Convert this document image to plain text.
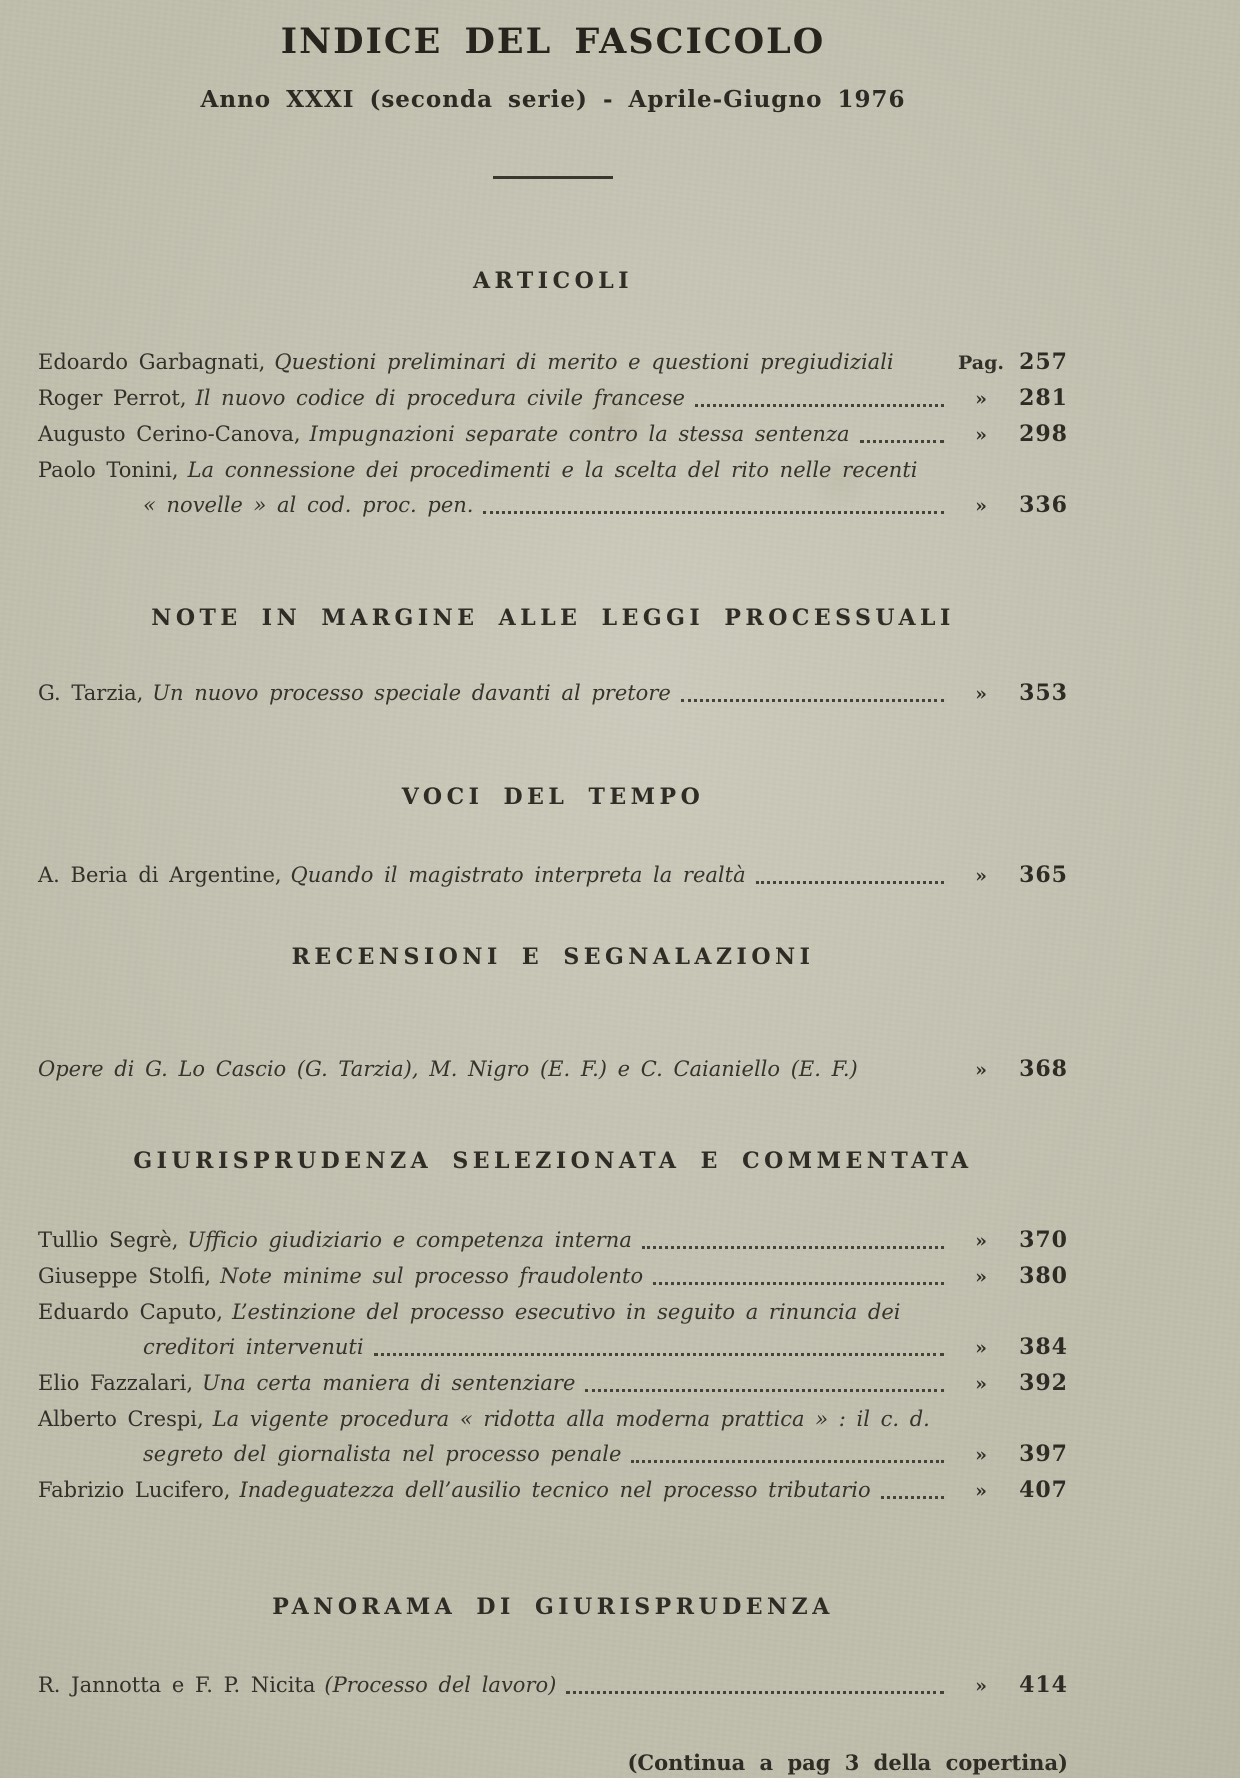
INDICE DEL FASCICOLO
Anno XXXI (seconda serie) - Aprile-Giugno 1976
ARTICOLI
Edoardo Garbagnati, Questioni preliminari di merito e questioni pregiudiziali	Pag. 257
Roger Perrot, Il nuovo codice di procedura civile francese	»	281
Augusto Cerino-Canova, Impugnazioni separate contro la stessa sentenza	»	298
Paolo Tonini, La connessione dei procedimenti e la scelta del rito nelle recenti
« novelle » al cod. proc. pen.	»	336
NOTE IN MARGINE ALLE LEGGI PROCESSUALI
G. Tarzia, Un nuovo processo speciale davanti al pretore	»	353
VOCI DEL TEMPO
A. Beria di Argentine, Quando il magistrato interpreta la realtà	»	365
RECENSIONI E SEGNALAZIONI
Opere di G. Lo Cascio (G. Tarzia), M. Nigro (E. F.) e C. Caianiello (E. F.)	»	368
GIURISPRUDENZA SELEZIONATA E COMMENTATA
Tullio Segrè, Ufficio giudiziario e competenza interna	»	370
Giuseppe Stolfi, Note minime sul processo fraudolento	»	380
Eduardo Caputo, L’estinzione del processo esecutivo in seguito a rinuncia dei
creditori intervenuti	»	384
Elio Fazzalari, Una certa maniera di sentenziare	»	392
Alberto Crespi, La vigente procedura « ridotta alla moderna prattica » : il c. d.
segreto del giornalista nel processo penale	»	397
Fabrizio Lucifero, Inadeguatezza dell’ausilio tecnico nel processo tributario	»	407
PANORAMA DI GIURISPRUDENZA
R. Jannotta e F. P. Nicita (Processo del lavoro)	»	414
(Continua a pag 3 della copertina)
